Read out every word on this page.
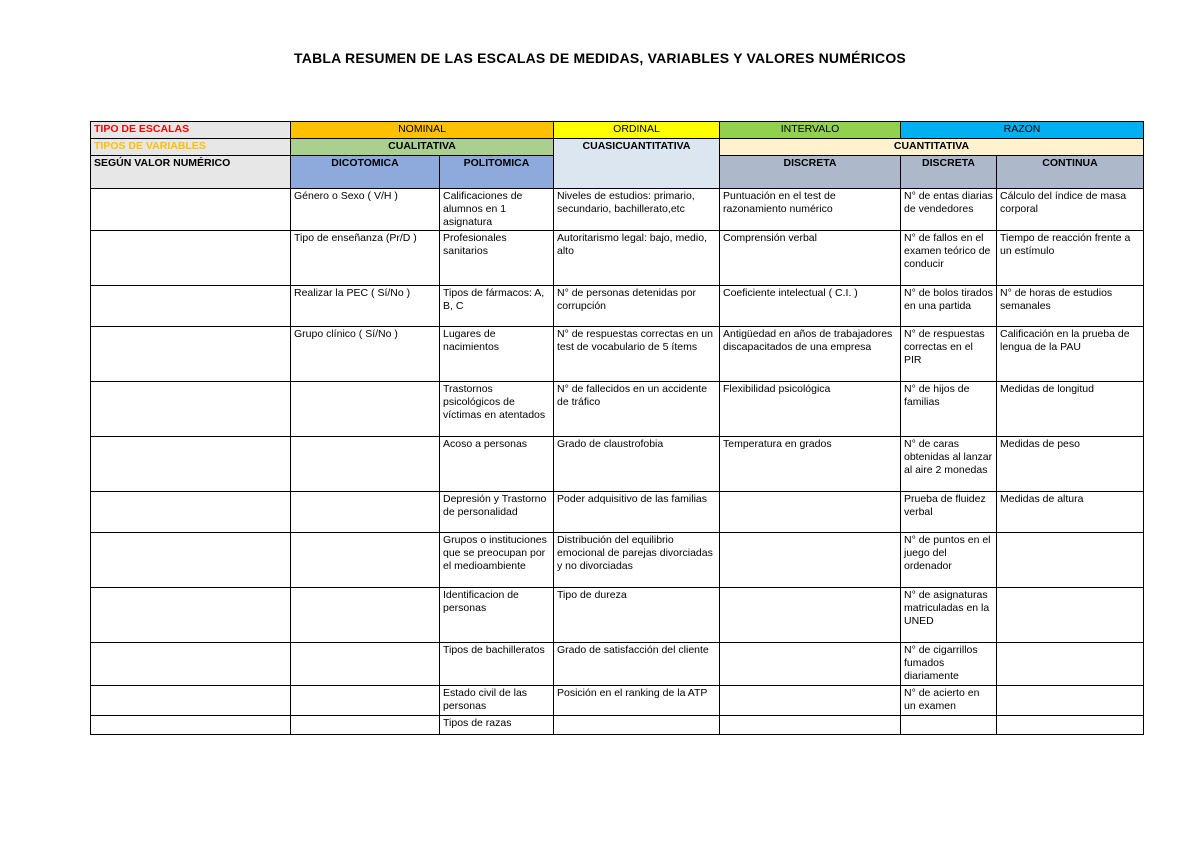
TABLA RESUMEN DE LAS ESCALAS DE MEDIDAS, VARIABLES Y VALORES NUMÉRICOS
TIPO DE ESCALAS	NOMINAL		ORDINAL	INTERVALO	RAZON	
TIPOS DE VARIABLES	CUALITATIVA		CUASICUANTITATIVA	CUANTITATIVA		
SEGÚN VALOR NUMÉRICO	DICOTOMICA	POLITOMICA		DISCRETA	DISCRETA	CONTINUA
	Género o Sexo ( V/H )	Calificaciones de alumnos en 1 asignatura	Niveles de estudios: primario, secundario, bachillerato,etc	Puntuación en el test de razonamiento numérico	N° de entas diarias de vendedores	Cálculo del índice de masa corporal
	Tipo de enseñanza (Pr/D )	Profesionales sanitarios	Autoritarismo legal: bajo, medio, alto	Comprensión verbal	N° de fallos en el examen teórico de conducir	Tiempo de reacción frente a un estímulo
	Realizar la PEC ( Sí/No )	Tipos de fármacos: A, B, C	N° de personas detenidas por corrupción	Coeficiente intelectual ( C.I. )	N° de bolos tirados en una partida	N° de horas de estudios semanales
	Grupo clínico ( Sí/No )	Lugares de nacimientos	N° de respuestas correctas en un test de vocabulario de 5 ítems	Antigüedad en años de trabajadores discapacitados de una empresa	N° de respuestas correctas en el PIR	Calificación en la prueba de lengua de la PAU
		Trastornos psicológicos de víctimas en atentados	N° de fallecidos en un accidente de tráfico	Flexibilidad psicológica	N° de hijos de familias	Medidas de longitud
		Acoso a personas	Grado de claustrofobia	Temperatura en grados	N° de caras obtenidas al lanzar al aire 2 monedas	Medidas de peso
		Depresión y Trastorno de personalidad	Poder adquisitivo de las familias		Prueba de fluidez verbal	Medidas de altura
		Grupos o instituciones que se preocupan por el medioambiente	Distribución del equilibrio emocional de parejas divorciadas y no divorciadas		N° de puntos en el juego del ordenador	
		Identificacion de personas	Tipo de dureza		N° de asignaturas matriculadas en la UNED	
		Tipos de bachilleratos	Grado de satisfacción del cliente		N° de cigarrillos fumados diariamente	
		Estado civil de las personas	Posición en el ranking de la ATP		N° de acierto en un examen	
		Tipos de razas				
